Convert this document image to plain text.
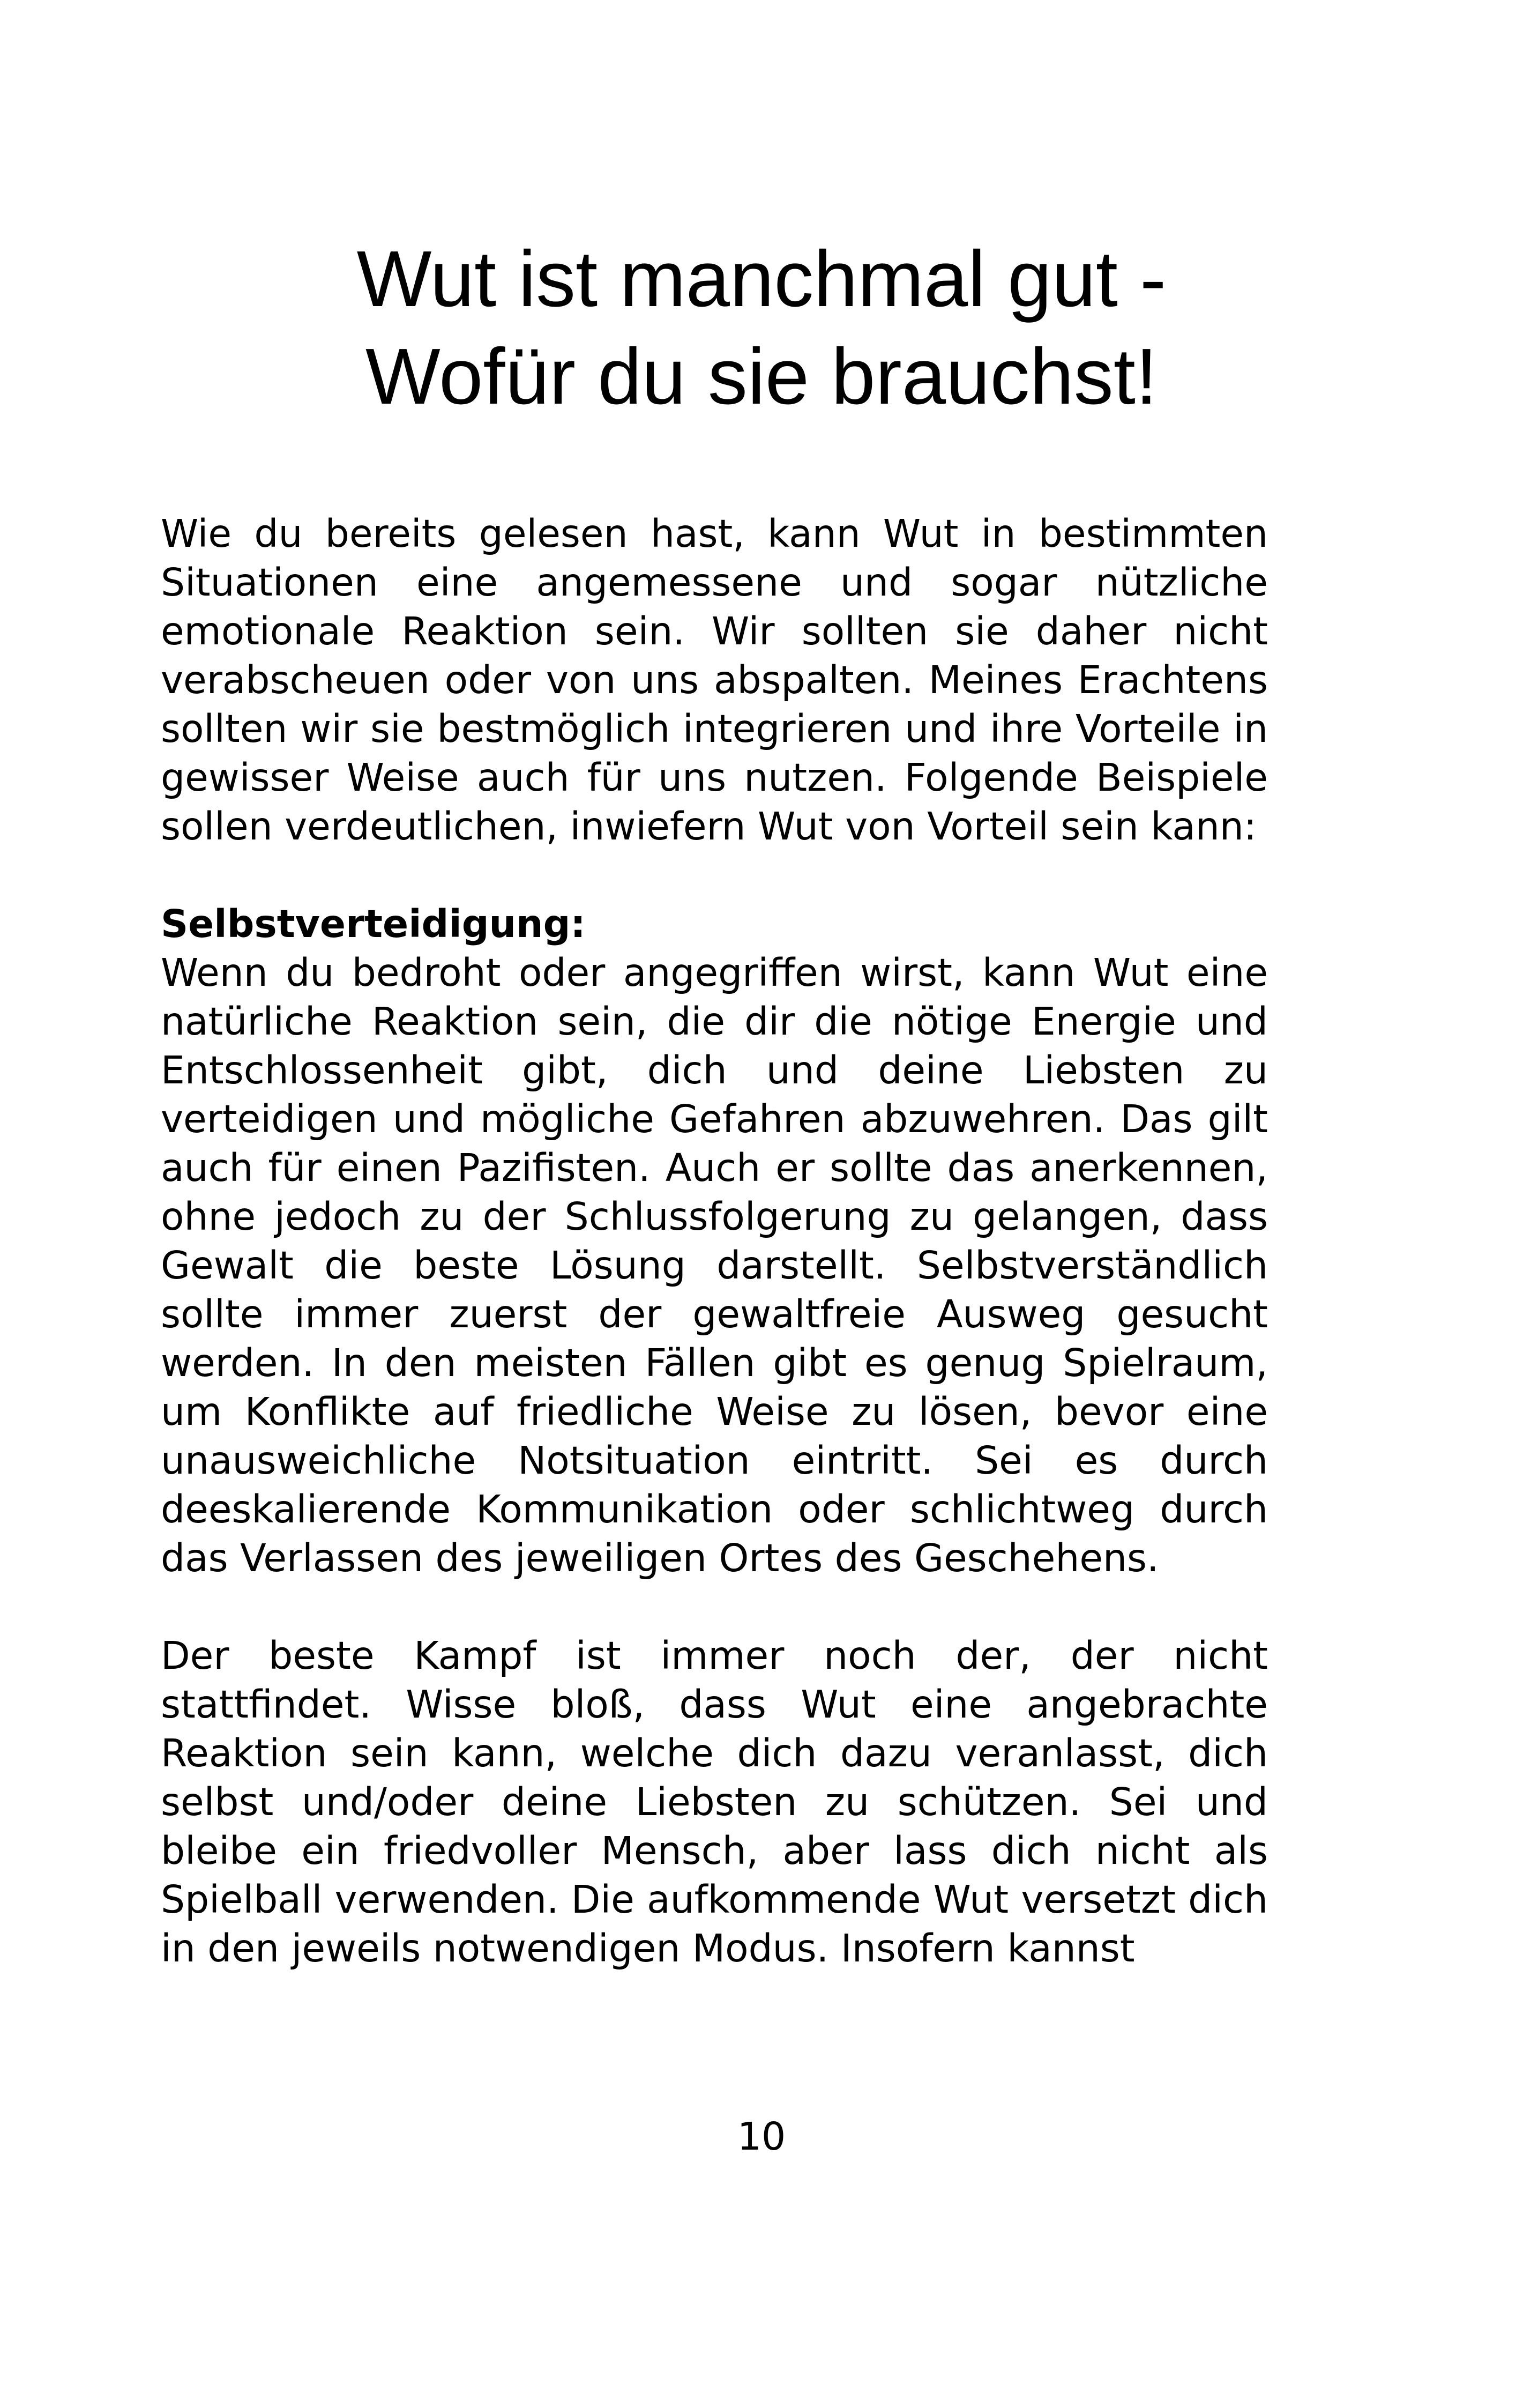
Wut ist manchmal gut -
Wofür du sie brauchst!

Wie du bereits gelesen hast, kann Wut in bestimmten Situationen eine angemessene und sogar nützliche emotionale Reaktion sein. Wir sollten sie daher nicht verabscheuen oder von uns abspalten. Meines Erachtens sollten wir sie bestmöglich integrieren und ihre Vorteile in gewisser Weise auch für uns nutzen. Folgende Beispiele sollen verdeutlichen, inwiefern Wut von Vorteil sein kann:

Selbstverteidigung:

Wenn du bedroht oder angegriffen wirst, kann Wut eine natürliche Reaktion sein, die dir die nötige Energie und Entschlossenheit gibt, dich und deine Liebsten zu verteidigen und mögliche Gefahren abzuwehren. Das gilt auch für einen Pazifisten. Auch er sollte das anerkennen, ohne jedoch zu der Schlussfolgerung zu gelangen, dass Gewalt die beste Lösung darstellt. Selbstverständlich sollte immer zuerst der gewaltfreie Ausweg gesucht werden. In den meisten Fällen gibt es genug Spielraum, um Konflikte auf friedliche Weise zu lösen, bevor eine unausweichliche Notsituation eintritt. Sei es durch deeskalierende Kommunikation oder schlichtweg durch das Verlassen des jeweiligen Ortes des Geschehens.

Der beste Kampf ist immer noch der, der nicht stattfindet. Wisse bloß, dass Wut eine angebrachte Reaktion sein kann, welche dich dazu veranlasst, dich selbst und/oder deine Liebsten zu schützen. Sei und bleibe ein friedvoller Mensch, aber lass dich nicht als Spielball verwenden. Die aufkommende Wut versetzt dich in den jeweils notwendigen Modus. Insofern kannst

10
